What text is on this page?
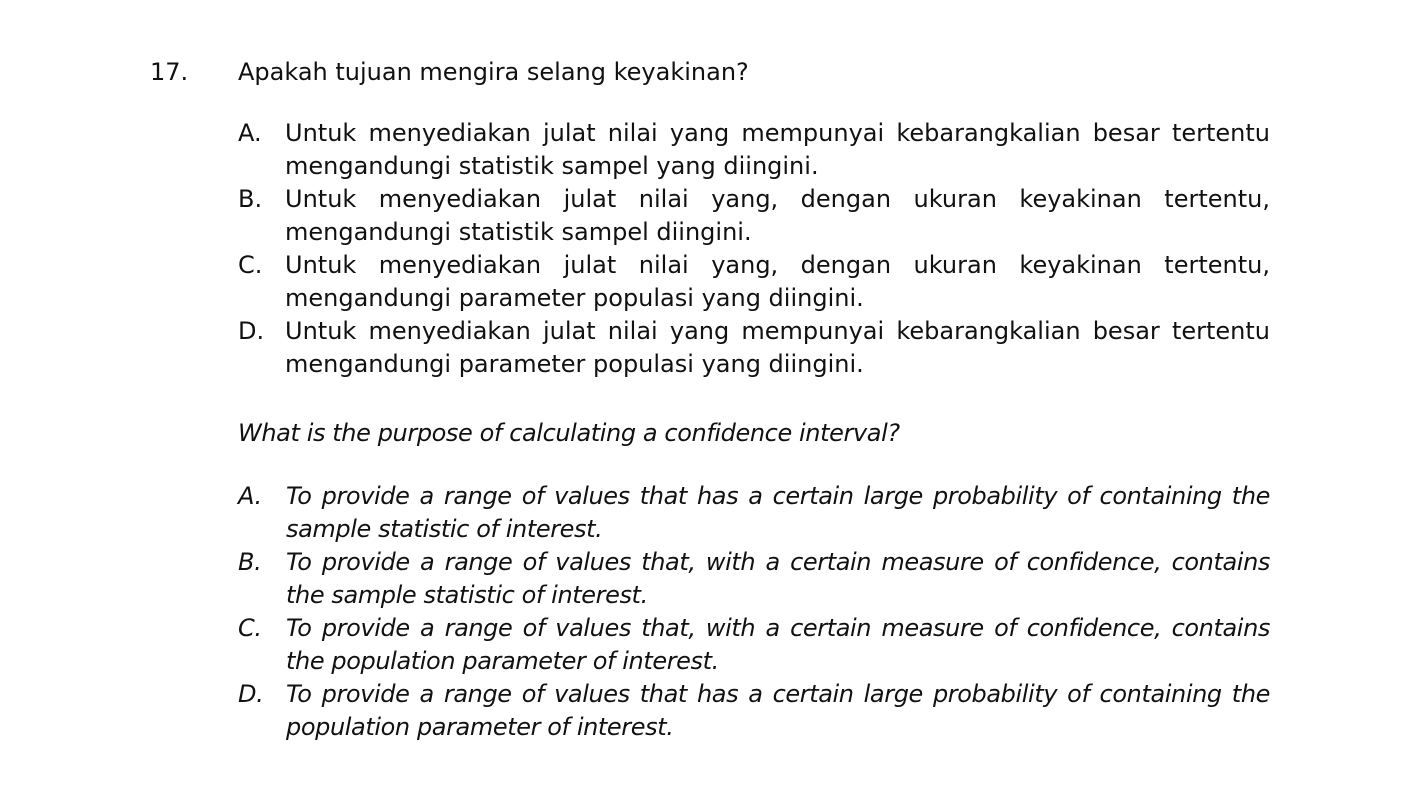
17. Apakah tujuan mengira selang keyakinan?
A. Untuk menyediakan julat nilai yang mempunyai kebarangkalian besar tertentu mengandungi statistik sampel yang diingini.
B. Untuk menyediakan julat nilai yang, dengan ukuran keyakinan tertentu, mengandungi statistik sampel diingini.
C. Untuk menyediakan julat nilai yang, dengan ukuran keyakinan tertentu, mengandungi parameter populasi yang diingini.
D. Untuk menyediakan julat nilai yang mempunyai kebarangkalian besar tertentu mengandungi parameter populasi yang diingini.
What is the purpose of calculating a confidence interval?
A. To provide a range of values that has a certain large probability of containing the sample statistic of interest.
B. To provide a range of values that, with a certain measure of confidence, contains the sample statistic of interest.
C. To provide a range of values that, with a certain measure of confidence, contains the population parameter of interest.
D. To provide a range of values that has a certain large probability of containing the population parameter of interest.
